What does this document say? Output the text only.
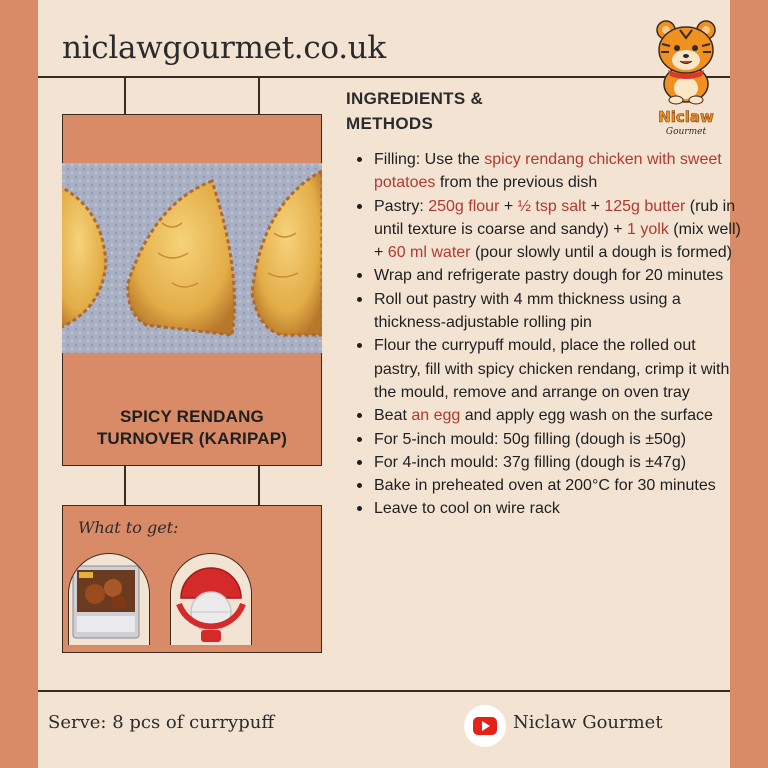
niclawgourmet.co.uk
Niclaw
Gourmet
SPICY RENDANG
TURNOVER (KARIPAP)
What to get:
INGREDIENTS &
METHODS
Filling: Use the spicy rendang chicken with sweet potatoes from the previous dish
Pastry: 250g flour + ½ tsp salt + 125g butter (rub in until texture is coarse and sandy) + 1 yolk (mix well) + 60 ml water (pour slowly until a dough is formed)
Wrap and refrigerate pastry dough for 20 minutes
Roll out pastry with 4 mm thickness using a thickness-adjustable rolling pin
Flour the currypuff mould, place the rolled out pastry, fill with spicy chicken rendang, crimp it with the mould, remove and arrange on oven tray
Beat an egg and apply egg wash on the surface
For 5-inch mould: 50g filling (dough is ±50g)
For 4-inch mould: 37g filling (dough is ±47g)
Bake in preheated oven at 200°C for 30 minutes
Leave to cool on wire rack
Serve: 8 pcs of currypuff	Niclaw Gourmet
